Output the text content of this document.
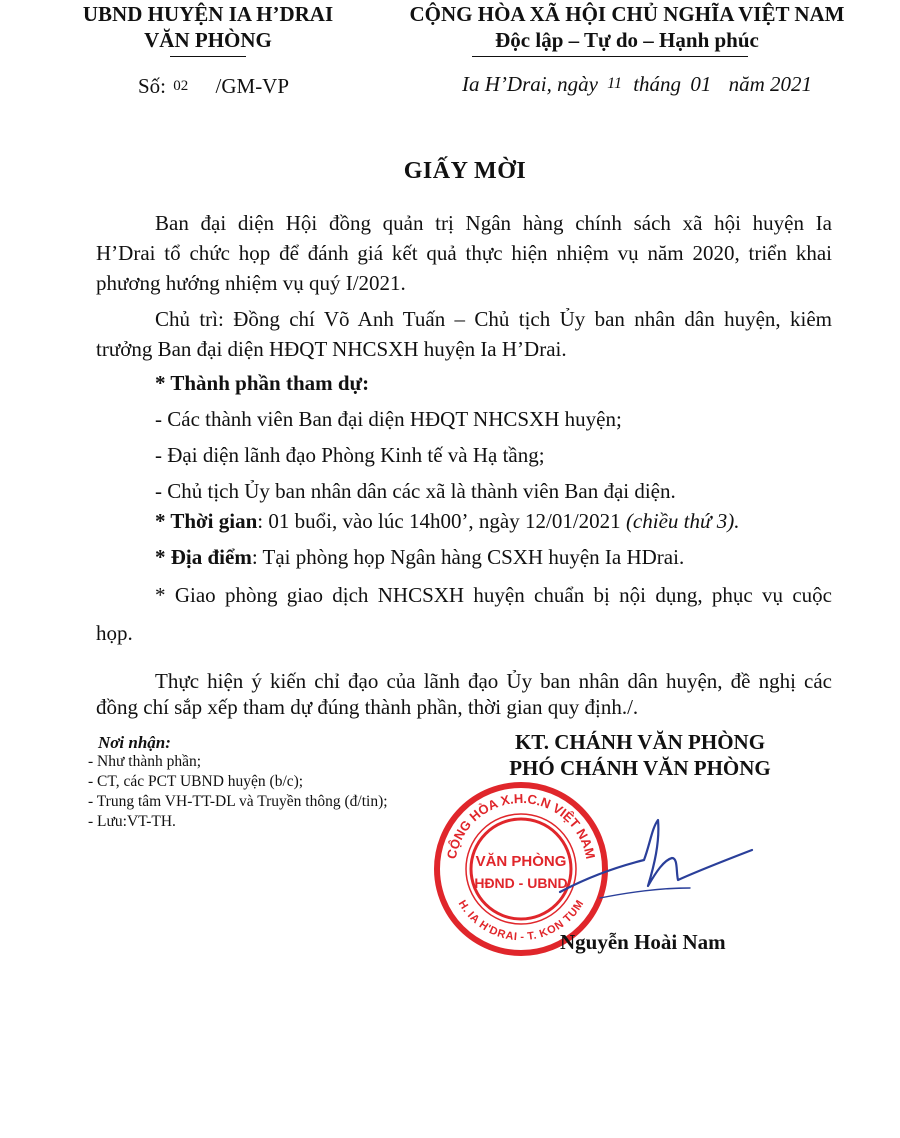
UBND HUYỆN IA H’DRAI
VĂN PHÒNG
CỘNG HÒA XÃ HỘI CHỦ NGHĨA VIỆT NAM
Độc lập – Tự do – Hạnh phúc
Số: 02 /GM-VP	Ia H’Drai, ngày 11 tháng 01 năm 2021
GIẤY MỜI
Ban đại diện Hội đồng quản trị Ngân hàng chính sách xã hội huyện Ia
H’Drai tổ chức họp để đánh giá kết quả thực hiện nhiệm vụ năm 2020, triển khai
phương hướng nhiệm vụ quý I/2021.
Chủ trì: Đồng chí Võ Anh Tuấn – Chủ tịch Ủy ban nhân dân huyện, kiêm
trưởng Ban đại diện HĐQT NHCSXH huyện Ia H’Drai.
* Thành phần tham dự:
- Các thành viên Ban đại diện HĐQT NHCSXH huyện;
- Đại diện lãnh đạo Phòng Kinh tế và Hạ tầng;
- Chủ tịch Ủy ban nhân dân các xã là thành viên Ban đại diện.
* Thời gian: 01 buổi, vào lúc 14h00’, ngày 12/01/2021 (chiều thứ 3).
* Địa điểm: Tại phòng họp Ngân hàng CSXH huyện Ia HDrai.
* Giao phòng giao dịch NHCSXH huyện chuẩn bị nội dụng, phục vụ cuộc
họp.
Thực hiện ý kiến chỉ đạo của lãnh đạo Ủy ban nhân dân huyện, đề nghị các
đồng chí sắp xếp tham dự đúng thành phần, thời gian quy định./.
Nơi nhận:
- Như thành phần;
- CT, các PCT UBND huyện (b/c);
- Trung tâm VH-TT-DL và Truyền thông (đ/tin);
- Lưu:VT-TH.
KT. CHÁNH VĂN PHÒNG
PHÓ CHÁNH VĂN PHÒNG
CỘNG HÒA X.H.C.N VIỆT NAM
H. IA H'DRAI - T. KON TUM
VĂN PHÒNG
HĐND - UBND
Nguyễn Hoài Nam
